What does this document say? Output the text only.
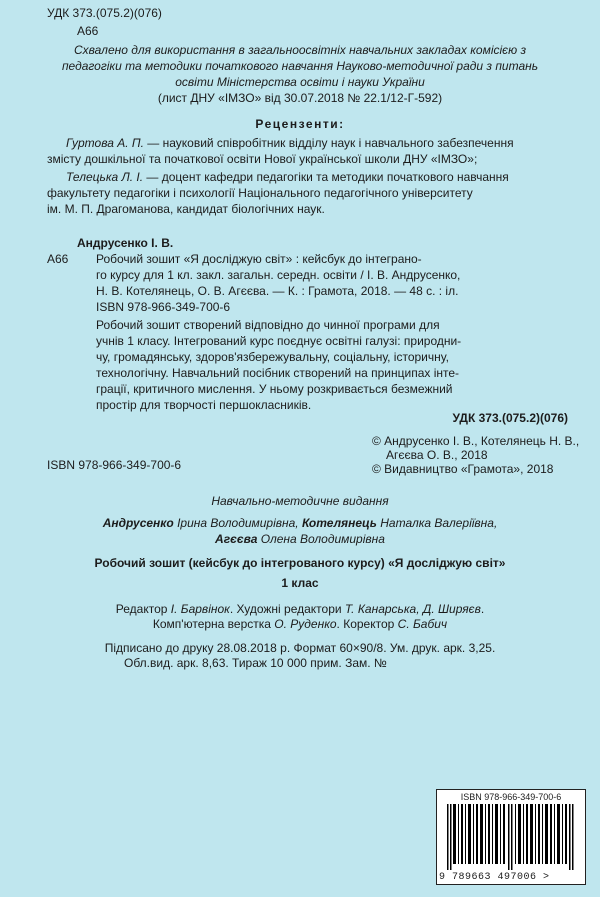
УДК 373.(075.2)(076)
А66
Схвалено для використання в загальноосвітніх навчальних закладах комісією з
педагогіки та методики початкового навчання Науково-методичної ради з питань
освіти Міністерства освіти і науки України
(лист ДНУ «ІМЗО» від 30.07.2018 № 22.1/12-Г-592)
Рецензенти:
Гуртова А. П. — науковий співробітник відділу наук і навчального забезпечення
змісту дошкільної та початкової освіти Нової української школи ДНУ «ІМЗО»;
Телецька Л. І. — доцент кафедри педагогіки та методики початкового навчання
факультету педагогіки і психології Національного педагогічного університету
ім. М. П. Драгоманова, кандидат біологічних наук.
Андрусенко І. В.
А66 Робочий зошит «Я досліджую світ» : кейсбук до інтеграно-
го курсу для 1 кл. закл. загальн. середн. освіти / І. В. Андрусенко,
Н. В. Котелянець, О. В. Агєєва. — К. : Грамота, 2018. — 48 с. : іл.
ISBN 978-966-349-700-6
Робочий зошит створений відповідно до чинної програми для
учнів 1 класу. Інтегрований курс поєднує освітні галузі: природни-
чу, громадянську, здоров'язбережувальну, соціальну, історичну,
технологічну. Навчальний посібник створений на принципах інте-
грації, критичного мислення. У ньому розкривається безмежний
простір для творчості першокласників.
УДК 373.(075.2)(076)
© Андрусенко І. В., Котелянець Н. В.,
Агєєва О. В., 2018
ISBN 978-966-349-700-6	© Видавництво «Грамота», 2018
Навчально-методичне видання
Андрусенко Ірина Володимирівна, Котелянець Наталка Валеріївна,
Агєєва Олена Володимирівна
Робочий зошит (кейсбук до інтегрованого курсу) «Я досліджую світ»
1 клас
Редактор І. Барвінок. Художні редактори Т. Канарська, Д. Ширяєв.
Комп'ютерна верстка О. Руденко. Коректор С. Бабич
Підписано до друку 28.08.2018 р. Формат 60×90/8. Ум. друк. арк. 3,25.
Обл.вид. арк. 8,63. Тираж 10 000 прим. Зам. №
ISBN 978-966-349-700-6
9 789663 497006 >
